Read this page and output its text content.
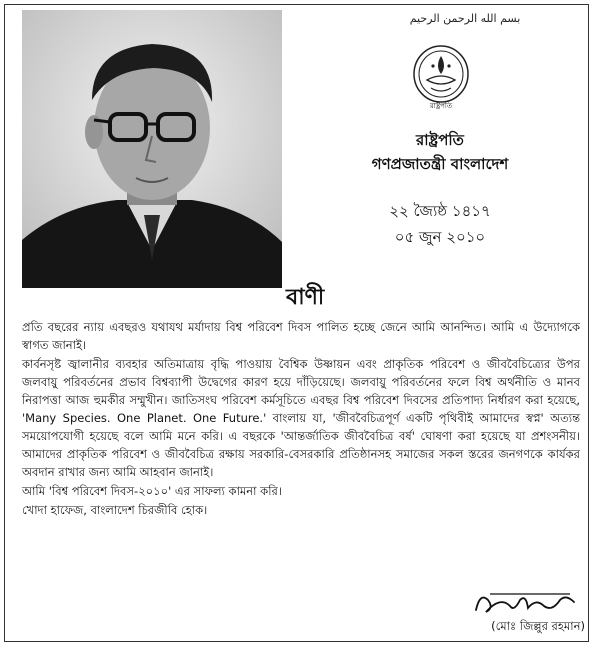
بسم الله الرحمن الرحيم
রাষ্ট্রপতি
রাষ্ট্রপতি
গণপ্রজাতন্ত্রী বাংলাদেশ
২২ জ্যৈষ্ঠ ১৪১৭
০৫ জুন ২০১০
বাণী

প্রতি বছরের ন্যায় এবছরও যথাযথ মর্যাদায় বিশ্ব পরিবেশ দিবস পালিত হচ্ছে জেনে আমি আনন্দিত। আমি এ উদ্যোগকে স্বাগত জানাই।

কার্বনসৃষ্ট জ্বালানীর ব্যবহার অতিমাত্রায় বৃদ্ধি পাওয়ায় বৈশ্বিক উষ্ণায়ন এবং প্রাকৃতিক পরিবেশ ও জীববৈচিত্র্যের উপর জলবায়ু পরিবর্তনের প্রভাব বিশ্বব্যাপী উদ্বেগের কারণ হয়ে দাঁড়িয়েছে। জলবায়ু পরিবর্তনের ফলে বিশ্ব অর্থনীতি ও মানব নিরাপত্তা আজ হুমকীর সম্মুখীন। জাতিসংঘ পরিবেশ কর্মসূচিতে এবছর বিশ্ব পরিবেশ দিবসের প্রতিপাদ্য নির্ধারণ করা হয়েছে, 'Many Species. One Planet. One Future.' বাংলায় যা, 'জীববৈচিত্রপূর্ণ একটি পৃথিবীই আমাদের স্বপ্ন' অত্যন্ত সময়োপযোগী হয়েছে বলে আমি মনে করি। এ বছরকে 'আন্তর্জাতিক জীববৈচিত্র বর্ষ' ঘোষণা করা হয়েছে যা প্রশংসনীয়। আমাদের প্রাকৃতিক পরিবেশ ও জীববৈচিত্র রক্ষায় সরকারি-বেসরকারি প্রতিষ্ঠানসহ সমাজের সকল স্তরের জনগণকে কার্যকর অবদান রাখার জন্য আমি আহবান জানাই।

আমি 'বিশ্ব পরিবেশ দিবস-২০১০' এর সাফল্য কামনা করি।

খোদা হাফেজ, বাংলাদেশ চিরজীবি হোক।

(মোঃ জিল্লুর রহমান)
